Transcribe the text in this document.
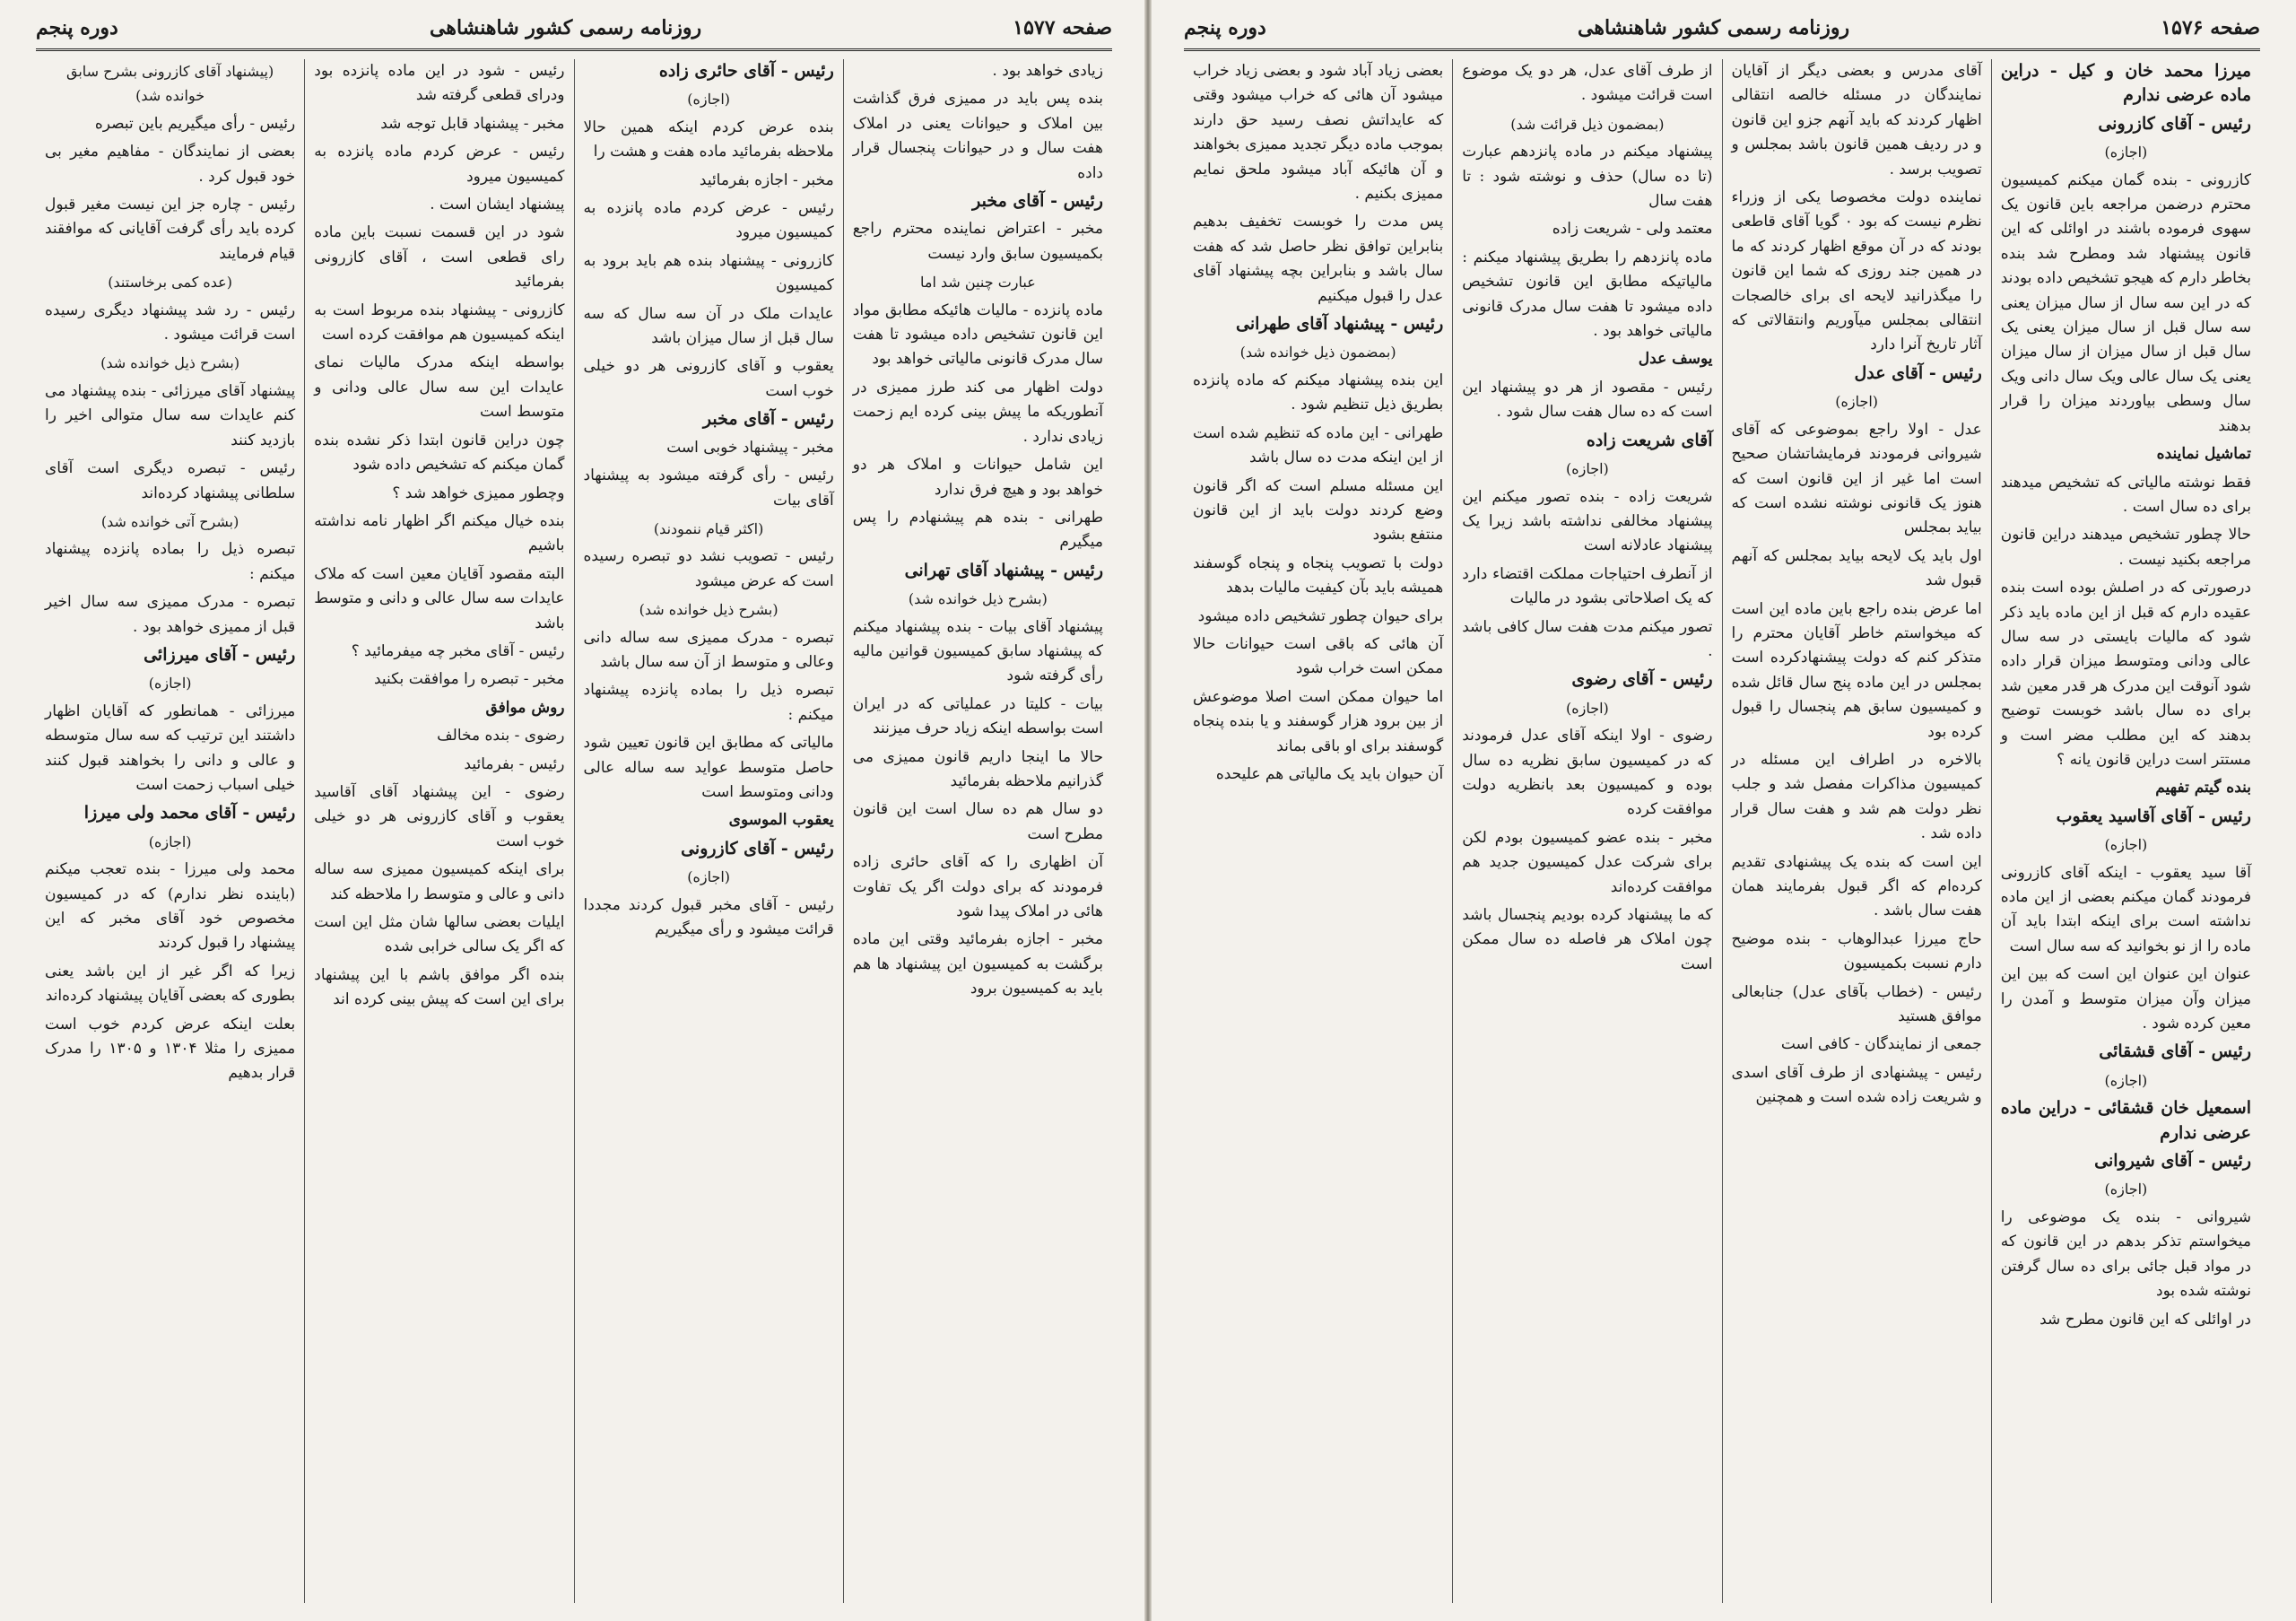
صفحه ۱۵۷۶
روزنامه رسمی کشور شاهنشاهی
دوره پنجم

میرزا محمد خان و کیل - دراین ماده عرضی ندارم

رئیس - آقای کازرونی

(اجازه)

کازرونی - بنده گمان میکنم کمیسیون محترم درضمن مراجعه باین قانون یک سهوی فرموده باشند در اوائلی که این قانون پیشنهاد شد ومطرح شد بنده بخاطر دارم که هیجو تشخیص داده بودند که در این سه سال از سال میزان یعنی سه سال قبل از سال میزان یعنی یک سال قبل از سال میزان از سال میزان یعنی یک سال عالی ویک سال دانی ویک سال وسطی بیاوردند میزان را قرار بدهند

تماشیل نماینده

فقط نوشته مالیاتی که تشخیص میدهند برای ده سال است .

حالا چطور تشخیص میدهند دراین قانون مراجعه بکنید نیست .

درصورتی که در اصلش بوده است بنده عقیده دارم که قبل از این ماده باید ذکر شود که مالیات بایستی در سه سال عالی ودانی ومتوسط میزان قرار داده شود آنوقت این مدرک هر قدر معین شد برای ده سال باشد خوبست توضیح بدهند که این مطلب مضر است و مستتر است دراین قانون یانه ؟

بنده گیتم تفهیم

رئیس - آقای آقاسید یعقوب

(اجازه)

آقا سید یعقوب - اینکه آقای کازرونی فرمودند گمان میکنم بعضی از این ماده نداشته است برای اینکه ابتدا باید آن ماده را از نو بخوانید که سه سال است

عنوان این عنوان این است که بین این میزان وآن میزان متوسط و آمدن را معین کرده شود .

رئیس - آقای قشقائی

(اجازه)

اسمعیل خان قشقائی - دراین ماده عرضی ندارم

رئیس - آقای شیروانی

(اجازه)

شیروانی - بنده یک موضوعی را میخواستم تذکر بدهم در این قانون که در مواد قبل جائی برای ده سال گرفتن نوشته شده بود

در اوائلی که این قانون مطرح شد

آقای مدرس و بعضی دیگر از آقایان نمایندگان در مسئله خالصه انتقالی اظهار کردند که باید آنهم جزو این قانون و در ردیف همین قانون باشد بمجلس و تصویب برسد .

نماینده دولت مخصوصا یکی از وزراء نظرم نیست که بود ۰ گویا آقای قاطعی بودند که در آن موقع اظهار کردند که ما در همین جند روزی که شما این قانون را میگذرانید لایحه ای برای خالصجات انتقالی بمجلس میآوریم وانتقالاتی که آثار تاریخ آنرا دارد

رئیس - آقای عدل

(اجازه)

عدل - اولا راجع بموضوعی که آقای شیروانی فرمودند فرمایشاتشان صحیح است اما غیر از این قانون است که هنوز یک قانونی نوشته نشده است که بیاید بمجلس

اول باید یک لایحه بیاید بمجلس که آنهم قبول شد

اما عرض بنده راجع باین ماده این است که میخواستم خاطر آقایان محترم را متذکر کنم که دولت پیشنهادکرده است بمجلس در این ماده پنج سال قائل شده و کمیسیون سابق هم پنجسال را قبول کرده بود

بالاخره در اطراف این مسئله در کمیسیون مذاکرات مفصل شد و جلب نظر دولت هم شد و هفت سال قرار داده شد .

این است که بنده یک پیشنهادی تقدیم کرده‌ام که اگر قبول بفرمایند همان هفت سال باشد .

حاج میرزا عبدالوهاب - بنده موضیح دارم نسبت بکمیسیون

رئیس - (خطاب بآقای عدل) جنابعالی موافق هستید

جمعی از نمایندگان - کافی است

رئیس - پیشنهادی از طرف آقای اسدی و شریعت زاده شده است و همچنین

از طرف آقای عدل، هر دو یک موضوع است قرائت میشود .

(بمضمون ذیل قرائت شد)

پیشنهاد میکنم در ماده پانزدهم عبارت (تا ده سال) حذف و نوشته شود : تا هفت سال

معتمد ولی - شریعت زاده

ماده پانزدهم را بطریق پیشنهاد میکنم : مالیاتیکه مطابق این قانون تشخیص داده میشود تا هفت سال مدرک قانونی مالیاتی خواهد بود .

یوسف عدل

رئیس - مقصود از هر دو پیشنهاد این است که ده سال هفت سال شود .

آقای شریعت زاده

(اجازه)

شریعت زاده - بنده تصور میکنم این پیشنهاد مخالفی نداشته باشد زیرا یک پیشنهاد عادلانه است

از آنطرف احتیاجات مملکت اقتضاء دارد که یک اصلاحاتی بشود در مالیات

تصور میکنم مدت هفت سال کافی باشد .

رئیس - آقای رضوی

(اجازه)

رضوی - اولا اینکه آقای عدل فرمودند که در کمیسیون سابق نظریه ده سال بوده و کمیسیون بعد بانظریه دولت موافقت کرده

مخبر - بنده عضو کمیسیون بودم لکن برای شرکت عدل کمیسیون جدید هم موافقت کرده‌اند

که ما پیشنهاد کرده بودیم پنجسال باشد چون املاک هر فاصله ده سال ممکن است

بعضی زیاد آباد شود و بعضی زیاد خراب میشود آن هائی که خراب میشود وقتی که عایداتش نصف رسید حق دارند بموجب ماده دیگر تجدید ممیزی بخواهند و آن هائیکه آباد میشود ملحق نمایم ممیزی بکنیم .

پس مدت را خوبست تخفیف بدهیم بنابراین توافق نظر حاصل شد که هفت سال باشد و بنابراین بچه پیشنهاد آقای عدل را قبول میکنیم

رئیس - پیشنهاد آقای طهرانی

(بمضمون ذیل خوانده شد)

این بنده پیشنهاد میکنم که ماده پانزده بطریق ذیل تنظیم شود .

طهرانی - این ماده که تنظیم شده است از این اینکه مدت ده سال باشد

این مسئله مسلم است که اگر قانون وضع کردند دولت باید از این قانون منتفع بشود

دولت با تصویب پنجاه و پنجاه گوسفند همیشه باید بآن کیفیت مالیات بدهد

برای حیوان چطور تشخیص داده میشود

آن هائی که باقی است حیوانات حالا ممکن است خراب شود

اما حیوان ممکن است اصلا موضوعش از بین برود هزار گوسفند و یا بنده پنجاه گوسفند برای او باقی بماند

آن حیوان باید یک مالیاتی هم علیحده

صفحه ۱۵۷۷
روزنامه رسمی کشور شاهنشاهی
دوره پنجم

زیادی خواهد بود .

بنده پس باید در ممیزی فرق گذاشت بین املاک و حیوانات یعنی در املاک هفت سال و در حیوانات پنجسال قرار داده

رئیس - آقای مخبر

مخبر - اعتراض نماینده محترم راجع بکمیسیون سابق وارد نیست

عبارت چنین شد اما

ماده پانزده - مالیات هائیکه مطابق مواد این قانون تشخیص داده میشود تا هفت سال مدرک قانونی مالیاتی خواهد بود

دولت اظهار می کند طرز ممیزی در آنطوریکه ما پیش بینی کرده ایم زحمت زیادی ندارد .

این شامل حیوانات و املاک هر دو خواهد بود و هیچ فرق ندارد

طهرانی - بنده هم پیشنهادم را پس میگیرم

رئیس - پیشنهاد آقای تهرانی

(بشرح ذیل خوانده شد)

پیشنهاد آقای بیات - بنده پیشنهاد میکنم که پیشنهاد سابق کمیسیون قوانین مالیه رأی گرفته شود

بیات - کلیتا در عملیاتی که در ایران است بواسطه اینکه زیاد حرف میزنند

حالا ما اینجا داریم قانون ممیزی می گذرانیم ملاحظه بفرمائید

دو سال هم ده سال است این قانون مطرح است

آن اظهاری را که آقای حائری زاده فرمودند که برای دولت اگر یک تفاوت هائی در املاک پیدا شود

مخبر - اجازه بفرمائید وقتی این ماده برگشت به کمیسیون این پیشنهاد ها هم باید به کمیسیون برود

رئیس - آقای حائری زاده

(اجازه)

بنده عرض کردم اینکه همین حالا ملاحظه بفرمائید ماده هفت و هشت را

مخبر - اجازه بفرمائید

رئیس - عرض کردم ماده پانزده به کمیسیون میرود

کازرونی - پیشنهاد بنده هم باید برود به کمیسیون

عایدات ملک در آن سه سال که سه سال قبل از سال میزان باشد

یعقوب و آقای کازرونی هر دو خیلی خوب است

رئیس - آقای مخبر

مخبر - پیشنهاد خوبی است

رئیس - رأی گرفته میشود به پیشنهاد آقای بیات

(اکثر قیام ننمودند)

رئیس - تصویب نشد دو تبصره رسیده است که عرض میشود

(بشرح ذیل خوانده شد)

تبصره - مدرک ممیزی سه ساله دانی وعالی و متوسط از آن سه سال باشد

تبصره ذیل را بماده پانزده پیشنهاد میکنم :

مالیاتی که مطابق این قانون تعیین شود حاصل متوسط عواید سه ساله عالی ودانی ومتوسط است

یعقوب الموسوی

رئیس - آقای کازرونی

(اجازه)

رئیس - آقای مخبر قبول کردند مجددا قرائت میشود و رأی میگیریم

رئیس - شود در این ماده پانزده بود ودرای قطعی گرفته شد

مخبر - پیشنهاد قابل توجه شد

رئیس - عرض کردم ماده پانزده به کمیسیون میرود

پیشنهاد ایشان است .

شود در این قسمت نسبت باین ماده رای قطعی است ، آقای کازرونی بفرمائید

کازرونی - پیشنهاد بنده مربوط است به اینکه کمیسیون هم موافقت کرده است

بواسطه اینکه مدرک مالیات نمای عایدات این سه سال عالی ودانی و متوسط است

چون دراین قانون ابتدا ذکر نشده بنده گمان میکنم که تشخیص داده شود

وچطور ممیزی خواهد شد ؟

بنده خیال میکنم اگر اظهار نامه نداشته باشیم

البته مقصود آقایان معین است که ملاک عایدات سه سال عالی و دانی و متوسط باشد

رئیس - آقای مخبر چه میفرمائید ؟

مخبر - تبصره را موافقت بکنید

روش موافق

رضوی - بنده مخالف

رئیس - بفرمائید

رضوی - این پیشنهاد آقای آقاسید یعقوب و آقای کازرونی هر دو خیلی خوب است

برای اینکه کمیسیون ممیزی سه ساله دانی و عالی و متوسط را ملاحظه کند

ایلیات بعضی سالها شان مثل این است که اگر یک سالی خرابی شده

بنده اگر موافق باشم با این پیشنهاد برای این است که پیش بینی کرده اند

(پیشنهاد آقای کازرونی بشرح سابق خوانده شد)

رئیس - رأی میگیریم باین تبصره

بعضی از نمایندگان - مفاهیم مغیر بی خود قبول کرد .

رئیس - چاره جز این نیست مغیر قبول کرده باید رأی گرفت آقایانی که موافقند قیام فرمایند

(عده کمی برخاستند)

رئیس - رد شد پیشنهاد دیگری رسیده است قرائت میشود .

(بشرح ذیل خوانده شد)

پیشنهاد آقای میرزائی - بنده پیشنهاد می کنم عایدات سه سال متوالی اخیر را بازدید کنند

رئیس - تبصره دیگری است آقای سلطانی پیشنهاد کرده‌اند

(بشرح آتی خوانده شد)

تبصره ذیل را بماده پانزده پیشنهاد میکنم :

تبصره - مدرک ممیزی سه سال اخیر قبل از ممیزی خواهد بود .

رئیس - آقای میرزائی

(اجازه)

میرزائی - همانطور که آقایان اظهار داشتند این ترتیب که سه سال متوسطه و عالی و دانی را بخواهند قبول کنند خیلی اسباب زحمت است

رئیس - آقای محمد ولی میرزا

(اجازه)

محمد ولی میرزا - بنده تعجب میکنم (باینده نظر ندارم) که در کمیسیون مخصوص خود آقای مخبر که این پیشنهاد را قبول کردند

زیرا که اگر غیر از این باشد یعنی بطوری که بعضی آقایان پیشنهاد کرده‌اند

بعلت اینکه عرض کردم خوب است ممیزی را مثلا ۱۳۰۴ و ۱۳۰۵ را مدرک قرار بدهیم
